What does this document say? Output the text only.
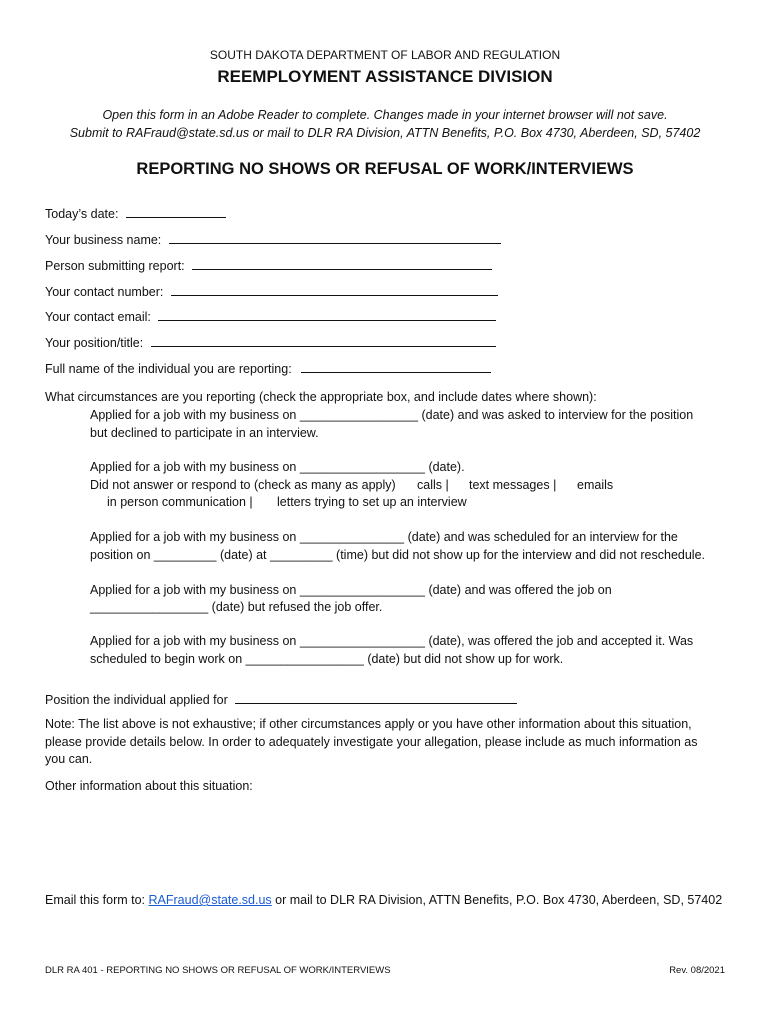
SOUTH DAKOTA DEPARTMENT OF LABOR AND REGULATION
REEMPLOYMENT ASSISTANCE DIVISION
Open this form in an Adobe Reader to complete. Changes made in your internet browser will not save.
Submit to RAFraud@state.sd.us or mail to DLR RA Division, ATTN Benefits, P.O. Box 4730, Aberdeen, SD, 57402
REPORTING NO SHOWS OR REFUSAL OF WORK/INTERVIEWS
Today’s date:
Your business name:
Person submitting report:
Your contact number:
Your contact email:
Your position/title:
Full name of the individual you are reporting:
What circumstances are you reporting (check the appropriate box, and include dates where shown):
Applied for a job with my business on _________________ (date) and was asked to interview for the position
but declined to participate in an interview.
Applied for a job with my business on __________________ (date).
Did not answer or respond to (check as many as apply) calls | text messages | emails
in person communication | letters trying to set up an interview
Applied for a job with my business on _______________ (date) and was scheduled for an interview for the
position on _________ (date) at _________ (time) but did not show up for the interview and did not reschedule.
Applied for a job with my business on __________________ (date) and was offered the job on
_________________ (date) but refused the job offer.
Applied for a job with my business on __________________ (date), was offered the job and accepted it. Was
scheduled to begin work on _________________ (date) but did not show up for work.
Position the individual applied for
Note: The list above is not exhaustive; if other circumstances apply or you have other information about this situation,
please provide details below. In order to adequately investigate your allegation, please include as much information as
you can.
Other information about this situation:
Email this form to: RAFraud@state.sd.us or mail to DLR RA Division, ATTN Benefits, P.O. Box 4730, Aberdeen, SD, 57402
DLR RA 401 - REPORTING NO SHOWS OR REFUSAL OF WORK/INTERVIEWS	Rev. 08/2021
